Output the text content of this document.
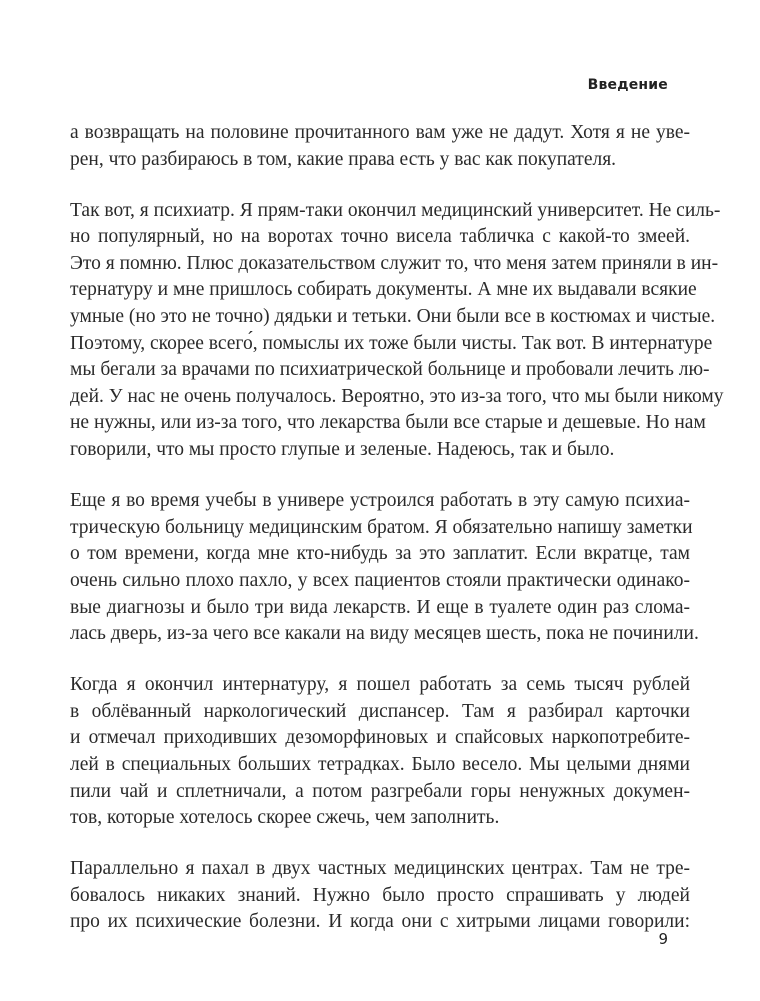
Введение
а возвращать на половине прочитанного вам уже не дадут. Хотя я не уве-
рен, что разбираюсь в том, какие права есть у вас как покупателя.
Так вот, я психиатр. Я прям-таки окончил медицинский университет. Не силь-
но популярный, но на воротах точно висела табличка с какой-то змеей.
Это я помню. Плюс доказательством служит то, что меня затем приняли в ин-
тернатуру и мне пришлось собирать документы. А мне их выдавали всякие
умные (но это не точно) дядьки и тетьки. Они были все в костюмах и чистые.
Поэтому, скорее всего́, помыслы их тоже были чисты. Так вот. В интернатуре
мы бегали за врачами по психиатрической больнице и пробовали лечить лю-
дей. У нас не очень получалось. Вероятно, это из-за того, что мы были никому
не нужны, или из-за того, что лекарства были все старые и дешевые. Но нам
говорили, что мы просто глупые и зеленые. Надеюсь, так и было.
Еще я во время учебы в универе устроился работать в эту самую психиа-
трическую больницу медицинским братом. Я обязательно напишу заметки
о том времени, когда мне кто-нибудь за это заплатит. Если вкратце, там
очень сильно плохо пахло, у всех пациентов стояли практически одинако-
вые диагнозы и было три вида лекарств. И еще в туалете один раз слома-
лась дверь, из-за чего все какали на виду месяцев шесть, пока не починили.
Когда я окончил интернатуру, я пошел работать за семь тысяч рублей
в облёванный наркологический диспансер. Там я разбирал карточки
и отмечал приходивших дезоморфиновых и спайсовых наркопотребите-
лей в специальных больших тетрадках. Было весело. Мы целыми днями
пили чай и сплетничали, а потом разгребали горы ненужных докумен-
тов, которые хотелось скорее сжечь, чем заполнить.
Параллельно я пахал в двух частных медицинских центрах. Там не тре-
бовалось никаких знаний. Нужно было просто спрашивать у людей
про их психические болезни. И когда они с хитрыми лицами говорили:
9
